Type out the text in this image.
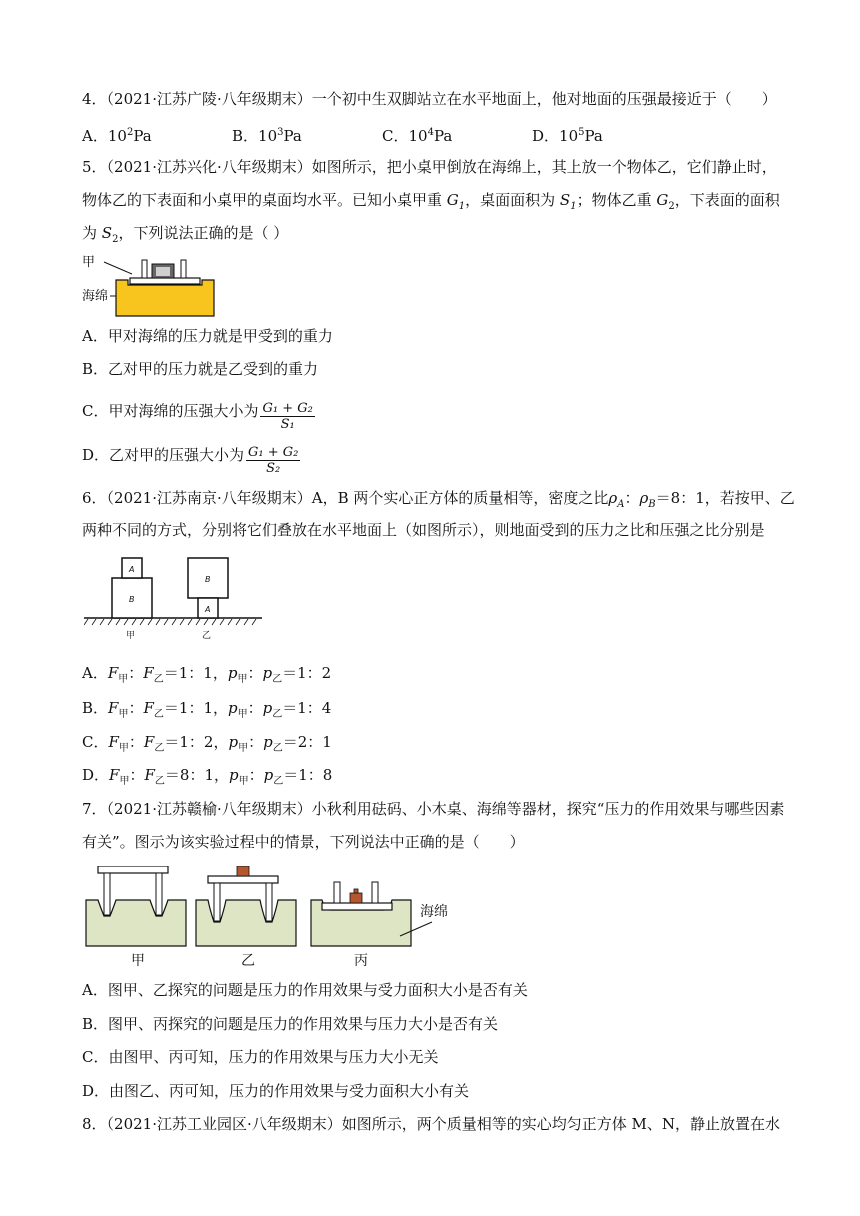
4．（2021·江苏广陵·八年级期末）一个初中生双脚站立在水平地面上，他对地面的压强最接近于（　　）
A．$10^2Pa$	B．$10^3Pa$	C．$10^4Pa$	D．$10^5Pa$
5．（2021·江苏兴化·八年级期末）如图所示，把小桌甲倒放在海绵上，其上放一个物体乙，它们静止时，
物体乙的下表面和小桌甲的桌面均水平。已知小桌甲重 $G_1$，桌面面积为 $S_1$；物体乙重 $G_2$，下表面的面积
为 $S_2$，下列说法正确的是（ ）
甲
海绵
A．甲对海绵的压力就是甲受到的重力
B．乙对甲的压力就是乙受到的重力
C．甲对海绵的压强大小为 $\frac{\text{G₁ + G₂}}{\text{S₁}}$
D．乙对甲的压强大小为 $\frac{\text{G₁ + G₂}}{\text{S₂}}$
6．（2021·江苏南京·八年级期末）A，B 两个实心正方体的质量相等，密度之比$\rho_A$：$\rho_B=8$：1，若按甲、乙
两种不同的方式，分别将它们叠放在水平地面上（如图所示），则地面受到的压力之比和压强之比分别是
A
B
B
A
甲	乙
A．$F_甲$：$F_乙=1$：1，$p_甲$：$p_乙=1$：2
B．$F_甲$：$F_乙=1$：1，$p_甲$：$p_乙=1$：4
C．$F_甲$：$F_乙=1$：2，$p_甲$：$p_乙=2$：1
D．$F_甲$：$F_乙=8$：1，$p_甲$：$p_乙=1$：8
7．（2021·江苏赣榆·八年级期末）小秋利用砝码、小木桌、海绵等器材，探究“压力的作用效果与哪些因素
有关”。图示为该实验过程中的情景，下列说法中正确的是（　　）
甲	乙	丙
海绵
A．图甲、乙探究的问题是压力的作用效果与受力面积大小是否有关
B．图甲、丙探究的问题是压力的作用效果与压力大小是否有关
C．由图甲、丙可知，压力的作用效果与压力大小无关
D．由图乙、丙可知，压力的作用效果与受力面积大小有关
8．（2021·江苏工业园区·八年级期末）如图所示，两个质量相等的实心均匀正方体 M、N，静止放置在水
